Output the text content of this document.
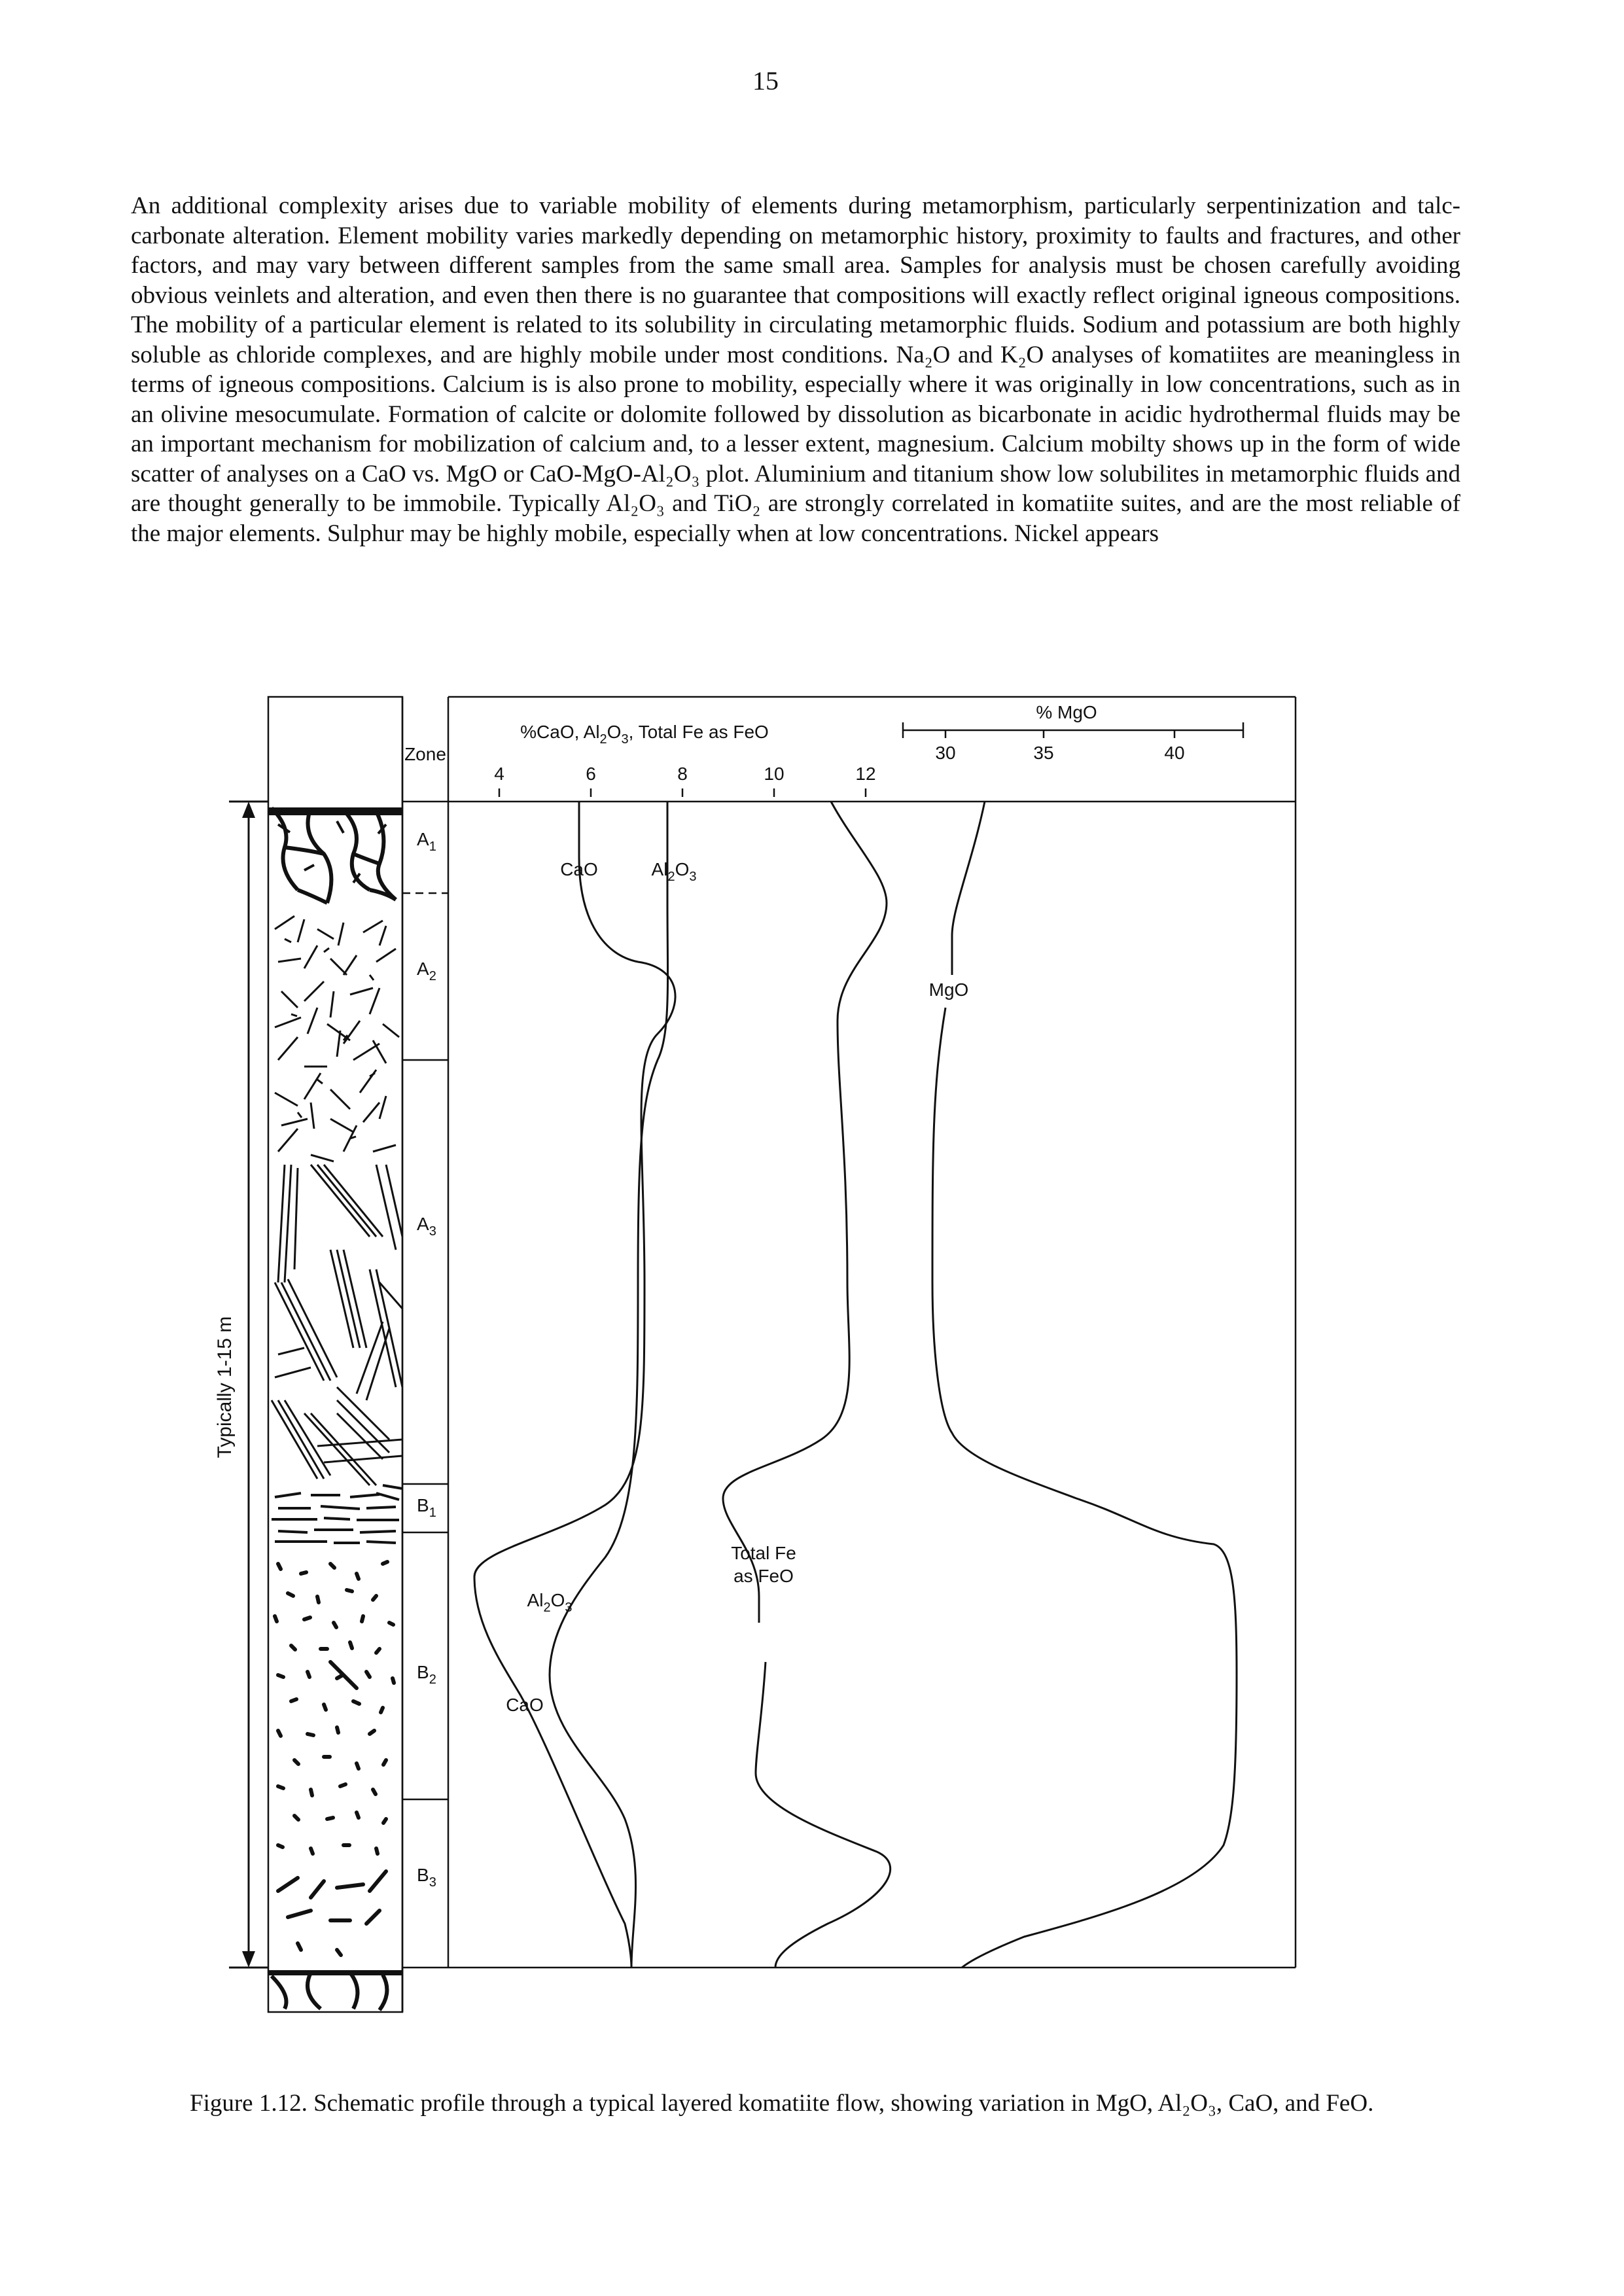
15

An additional complexity arises due to variable mobility of elements during metamorphism, particularly serpentinization and talc-carbonate alteration. Element mobility varies markedly depending on metamorphic history, proximity to faults and fractures, and other factors, and may vary between different samples from the same small area. Samples for analysis must be chosen carefully avoiding obvious veinlets and alteration, and even then there is no guarantee that compositions will exactly reflect original igneous compositions. The mobility of a particular element is related to its solubility in circulating metamorphic fluids. Sodium and potassium are both highly soluble as chloride complexes, and are highly mobile under most conditions. Na₂O and K₂O analyses of komatiites are meaningless in terms of igneous compositions. Calcium is is also prone to mobility, especially where it was originally in low concentrations, such as in an olivine mesocumulate. Formation of calcite or dolomite followed by dissolution as bicarbonate in acidic hydrothermal fluids may be an important mechanism for mobilization of calcium and, to a lesser extent, magnesium. Calcium mobilty shows up in the form of wide scatter of analyses on a CaO vs. MgO or CaO-MgO-Al₂O₃ plot. Aluminium and titanium show low solubilites in metamorphic fluids and are thought generally to be immobile. Typically Al₂O₃ and TiO₂ are strongly correlated in komatiite suites, and are the most reliable of the major elements. Sulphur may be highly mobile, especially when at low concentrations. Nickel appears

Typically 1-15 m
Zone
$A_1$
$A_2$
$A_3$
$B_1$
$B_2$
$B_3$
%CaO, $Al_2O_3$, Total Fe as FeO
4	6	8	10	12
% MgO
30	35	40
CaO	$Al_2O_3$
MgO
$Al_2O_3$
CaO
Total Fe
as FeO

Figure 1.12. Schematic profile through a typical layered komatiite flow, showing variation in MgO, Al₂O₃, CaO, and FeO.
